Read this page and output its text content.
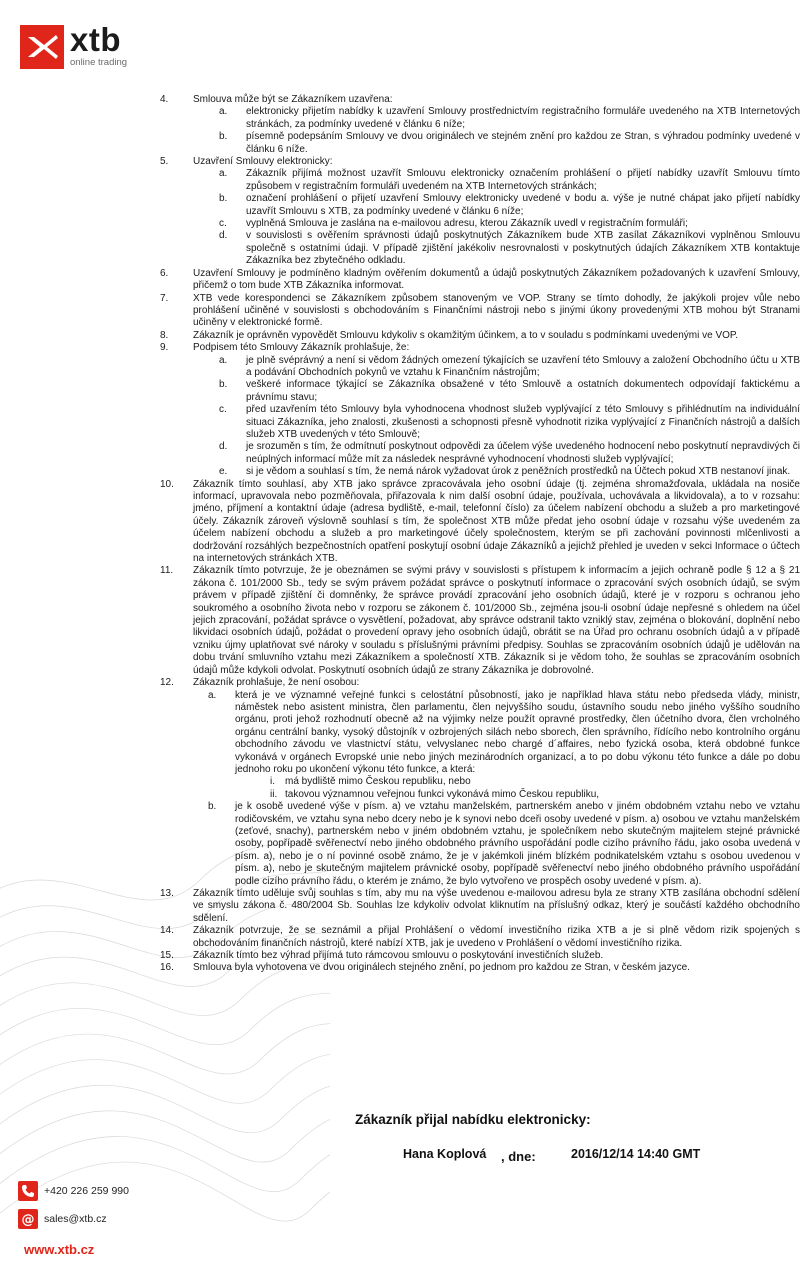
xtb
online trading
4. Smlouva může být se Zákazníkem uzavřena:
a. elektronicky přijetím nabídky k uzavření Smlouvy prostřednictvím registračního formuláře uvedeného na XTB Internetových stránkách, za podmínky uvedené v článku 6 níže;
b. písemně podepsáním Smlouvy ve dvou originálech ve stejném znění pro každou ze Stran, s výhradou podmínky uvedené v článku 6 níže.
5. Uzavření Smlouvy elektronicky:
a. Zákazník přijímá možnost uzavřít Smlouvu elektronicky označením prohlášení o přijetí nabídky uzavřít Smlouvu tímto způsobem v registračním formuláři uvedeném na XTB Internetových stránkách;
b. označení prohlášení o přijetí uzavření Smlouvy elektronicky uvedené v bodu a. výše je nutné chápat jako přijetí nabídky uzavřít Smlouvu s XTB, za podmínky uvedené v článku 6 níže;
c. vyplněná Smlouva je zaslána na e-mailovou adresu, kterou Zákazník uvedl v registračním formuláři;
d. v souvislosti s ověřením správnosti údajů poskytnutých Zákazníkem bude XTB zasílat Zákazníkovi vyplněnou Smlouvu společně s ostatními údaji. V případě zjištění jakékoliv nesrovnalosti v poskytnutých údajích Zákazníkem XTB kontaktuje Zákazníka bez zbytečného odkladu.
6. Uzavření Smlouvy je podmíněno kladným ověřením dokumentů a údajů poskytnutých Zákazníkem požadovaných k uzavření Smlouvy, přičemž o tom bude XTB Zákazníka informovat.
7. XTB vede korespondenci se Zákazníkem způsobem stanoveným ve VOP. Strany se tímto dohodly, že jakýkoli projev vůle nebo prohlášení učiněné v souvislosti s obchodováním s Finančními nástroji nebo s jinými úkony provedenými XTB mohou být Stranami učiněny v elektronické formě.
8. Zákazník je oprávněn vypovědět Smlouvu kdykoliv s okamžitým účinkem, a to v souladu s podmínkami uvedenými ve VOP.
9. Podpisem této Smlouvy Zákazník prohlašuje, že:
a. je plně svéprávný a není si vědom žádných omezení týkajících se uzavření této Smlouvy a založení Obchodního účtu u XTB a podávání Obchodních pokynů ve vztahu k Finančním nástrojům;
b. veškeré informace týkající se Zákazníka obsažené v této Smlouvě a ostatních dokumentech odpovídají faktickému a právnímu stavu;
c. před uzavřením této Smlouvy byla vyhodnocena vhodnost služeb vyplývající z této Smlouvy s přihlédnutím na individuální situaci Zákazníka, jeho znalosti, zkušenosti a schopnosti přesně vyhodnotit rizika vyplývající z Finančních nástrojů a dalších služeb XTB uvedených v této Smlouvě;
d. je srozuměn s tím, že odmítnutí poskytnout odpovědi za účelem výše uvedeného hodnocení nebo poskytnutí nepravdivých či neúplných informací může mít za následek nesprávné vyhodnocení vhodnosti služeb vyplývající;
e. si je vědom a souhlasí s tím, že nemá nárok vyžadovat úrok z peněžních prostředků na Účtech pokud XTB nestanoví jinak.
10. Zákazník tímto souhlasí, aby XTB jako správce zpracovávala jeho osobní údaje (tj. zejména shromažďovala, ukládala na nosiče informací, upravovala nebo pozměňovala, přiřazovala k nim další osobní údaje, používala, uchovávala a likvidovala), a to v rozsahu: jméno, příjmení a kontaktní údaje (adresa bydliště, e-mail, telefonní číslo) za účelem nabízení obchodu a služeb a pro marketingové účely. Zákazník zároveň výslovně souhlasí s tím, že společnost XTB může předat jeho osobní údaje v rozsahu výše uvedeném za účelem nabízení obchodu a služeb a pro marketingové účely společnostem, kterým se při zachování povinnosti mlčenlivosti a dodržování rozsáhlých bezpečnostních opatření poskytují osobní údaje Zákazníků a jejichž přehled je uveden v sekci Informace o účtech na internetových stránkách XTB.
11. Zákazník tímto potvrzuje, že je obeznámen se svými právy v souvislosti s přístupem k informacím a jejich ochraně podle § 12 a § 21 zákona č. 101/2000 Sb., tedy se svým právem požádat správce o poskytnutí informace o zpracování svých osobních údajů, se svým právem v případě zjištění či domněnky, že správce provádí zpracování jeho osobních údajů, které je v rozporu s ochranou jeho soukromého a osobního života nebo v rozporu se zákonem č. 101/2000 Sb., zejména jsou-li osobní údaje nepřesné s ohledem na účel jejich zpracování, požádat správce o vysvětlení, požadovat, aby správce odstranil takto vzniklý stav, zejména o blokování, doplnění nebo likvidaci osobních údajů, požádat o provedení opravy jeho osobních údajů, obrátit se na Úřad pro ochranu osobních údajů a v případě vzniku újmy uplatňovat své nároky v souladu s příslušnými právními předpisy. Souhlas se zpracováním osobních údajů je udělován na dobu trvání smluvního vztahu mezi Zákazníkem a společností XTB. Zákazník si je vědom toho, že souhlas se zpracováním osobních údajů může kdykoli odvolat. Poskytnutí osobních údajů ze strany Zákazníka je dobrovolné.
12. Zákazník prohlašuje, že není osobou:
a. která je ve významné veřejné funkci s celostátní působností, jako je například hlava státu nebo předseda vlády, ministr, náměstek nebo asistent ministra, člen parlamentu, člen nejvyššího soudu, ústavního soudu nebo jiného vyššího soudního orgánu, proti jehož rozhodnutí obecně až na výjimky nelze použít opravné prostředky, člen účetního dvora, člen vrcholného orgánu centrální banky, vysoký důstojník v ozbrojených silách nebo sborech, člen správního, řídícího nebo kontrolního orgánu obchodního závodu ve vlastnictví státu, velvyslanec nebo chargé d´affaires, nebo fyzická osoba, která obdobné funkce vykonává v orgánech Evropské unie nebo jiných mezinárodních organizací, a to po dobu výkonu této funkce a dále po dobu jednoho roku po ukončení výkonu této funkce, a která:
i. má bydliště mimo Českou republiku, nebo
ii. takovou významnou veřejnou funkci vykonává mimo Českou republiku,
b. je k osobě uvedené výše v písm. a) ve vztahu manželském, partnerském anebo v jiném obdobném vztahu nebo ve vztahu rodičovském, ve vztahu syna nebo dcery nebo je k synovi nebo dceři osoby uvedené v písm. a) osobou ve vztahu manželském (zeťové, snachy), partnerském nebo v jiném obdobném vztahu, je společníkem nebo skutečným majitelem stejné právnické osoby, popřípadě svěřenectví nebo jiného obdobného právního uspořádání podle cizího právního řádu, jako osoba uvedená v písm. a), nebo je o ní povinné osobě známo, že je v jakémkoli jiném blízkém podnikatelském vztahu s osobou uvedenou v písm. a), nebo je skutečným majitelem právnické osoby, popřípadě svěřenectví nebo jiného obdobného právního uspořádání podle cizího právního řádu, o kterém je známo, že bylo vytvořeno ve prospěch osoby uvedené v písm. a).
13. Zákazník tímto uděluje svůj souhlas s tím, aby mu na výše uvedenou e-mailovou adresu byla ze strany XTB zasílána obchodní sdělení ve smyslu zákona č. 480/2004 Sb. Souhlas lze kdykoliv odvolat kliknutím na příslušný odkaz, který je součástí každého obchodního sdělení.
14. Zákazník potvrzuje, že se seznámil a přijal Prohlášení o vědomí investičního rizika XTB a je si plně vědom rizik spojených s obchodováním finančních nástrojů, které nabízí XTB, jak je uvedeno v Prohlášení o vědomí investičního rizika.
15. Zákazník tímto bez výhrad přijímá tuto rámcovou smlouvu o poskytování investičních služeb.
16. Smlouva byla vyhotovena ve dvou originálech stejného znění, po jednom pro každou ze Stran, v českém jazyce.
Zákazník přijal nabídku elektronicky:
Hana Koplová , dne:	2016/12/14 14:40 GMT
+420 226 259 990
@ sales@xtb.cz
www.xtb.cz
